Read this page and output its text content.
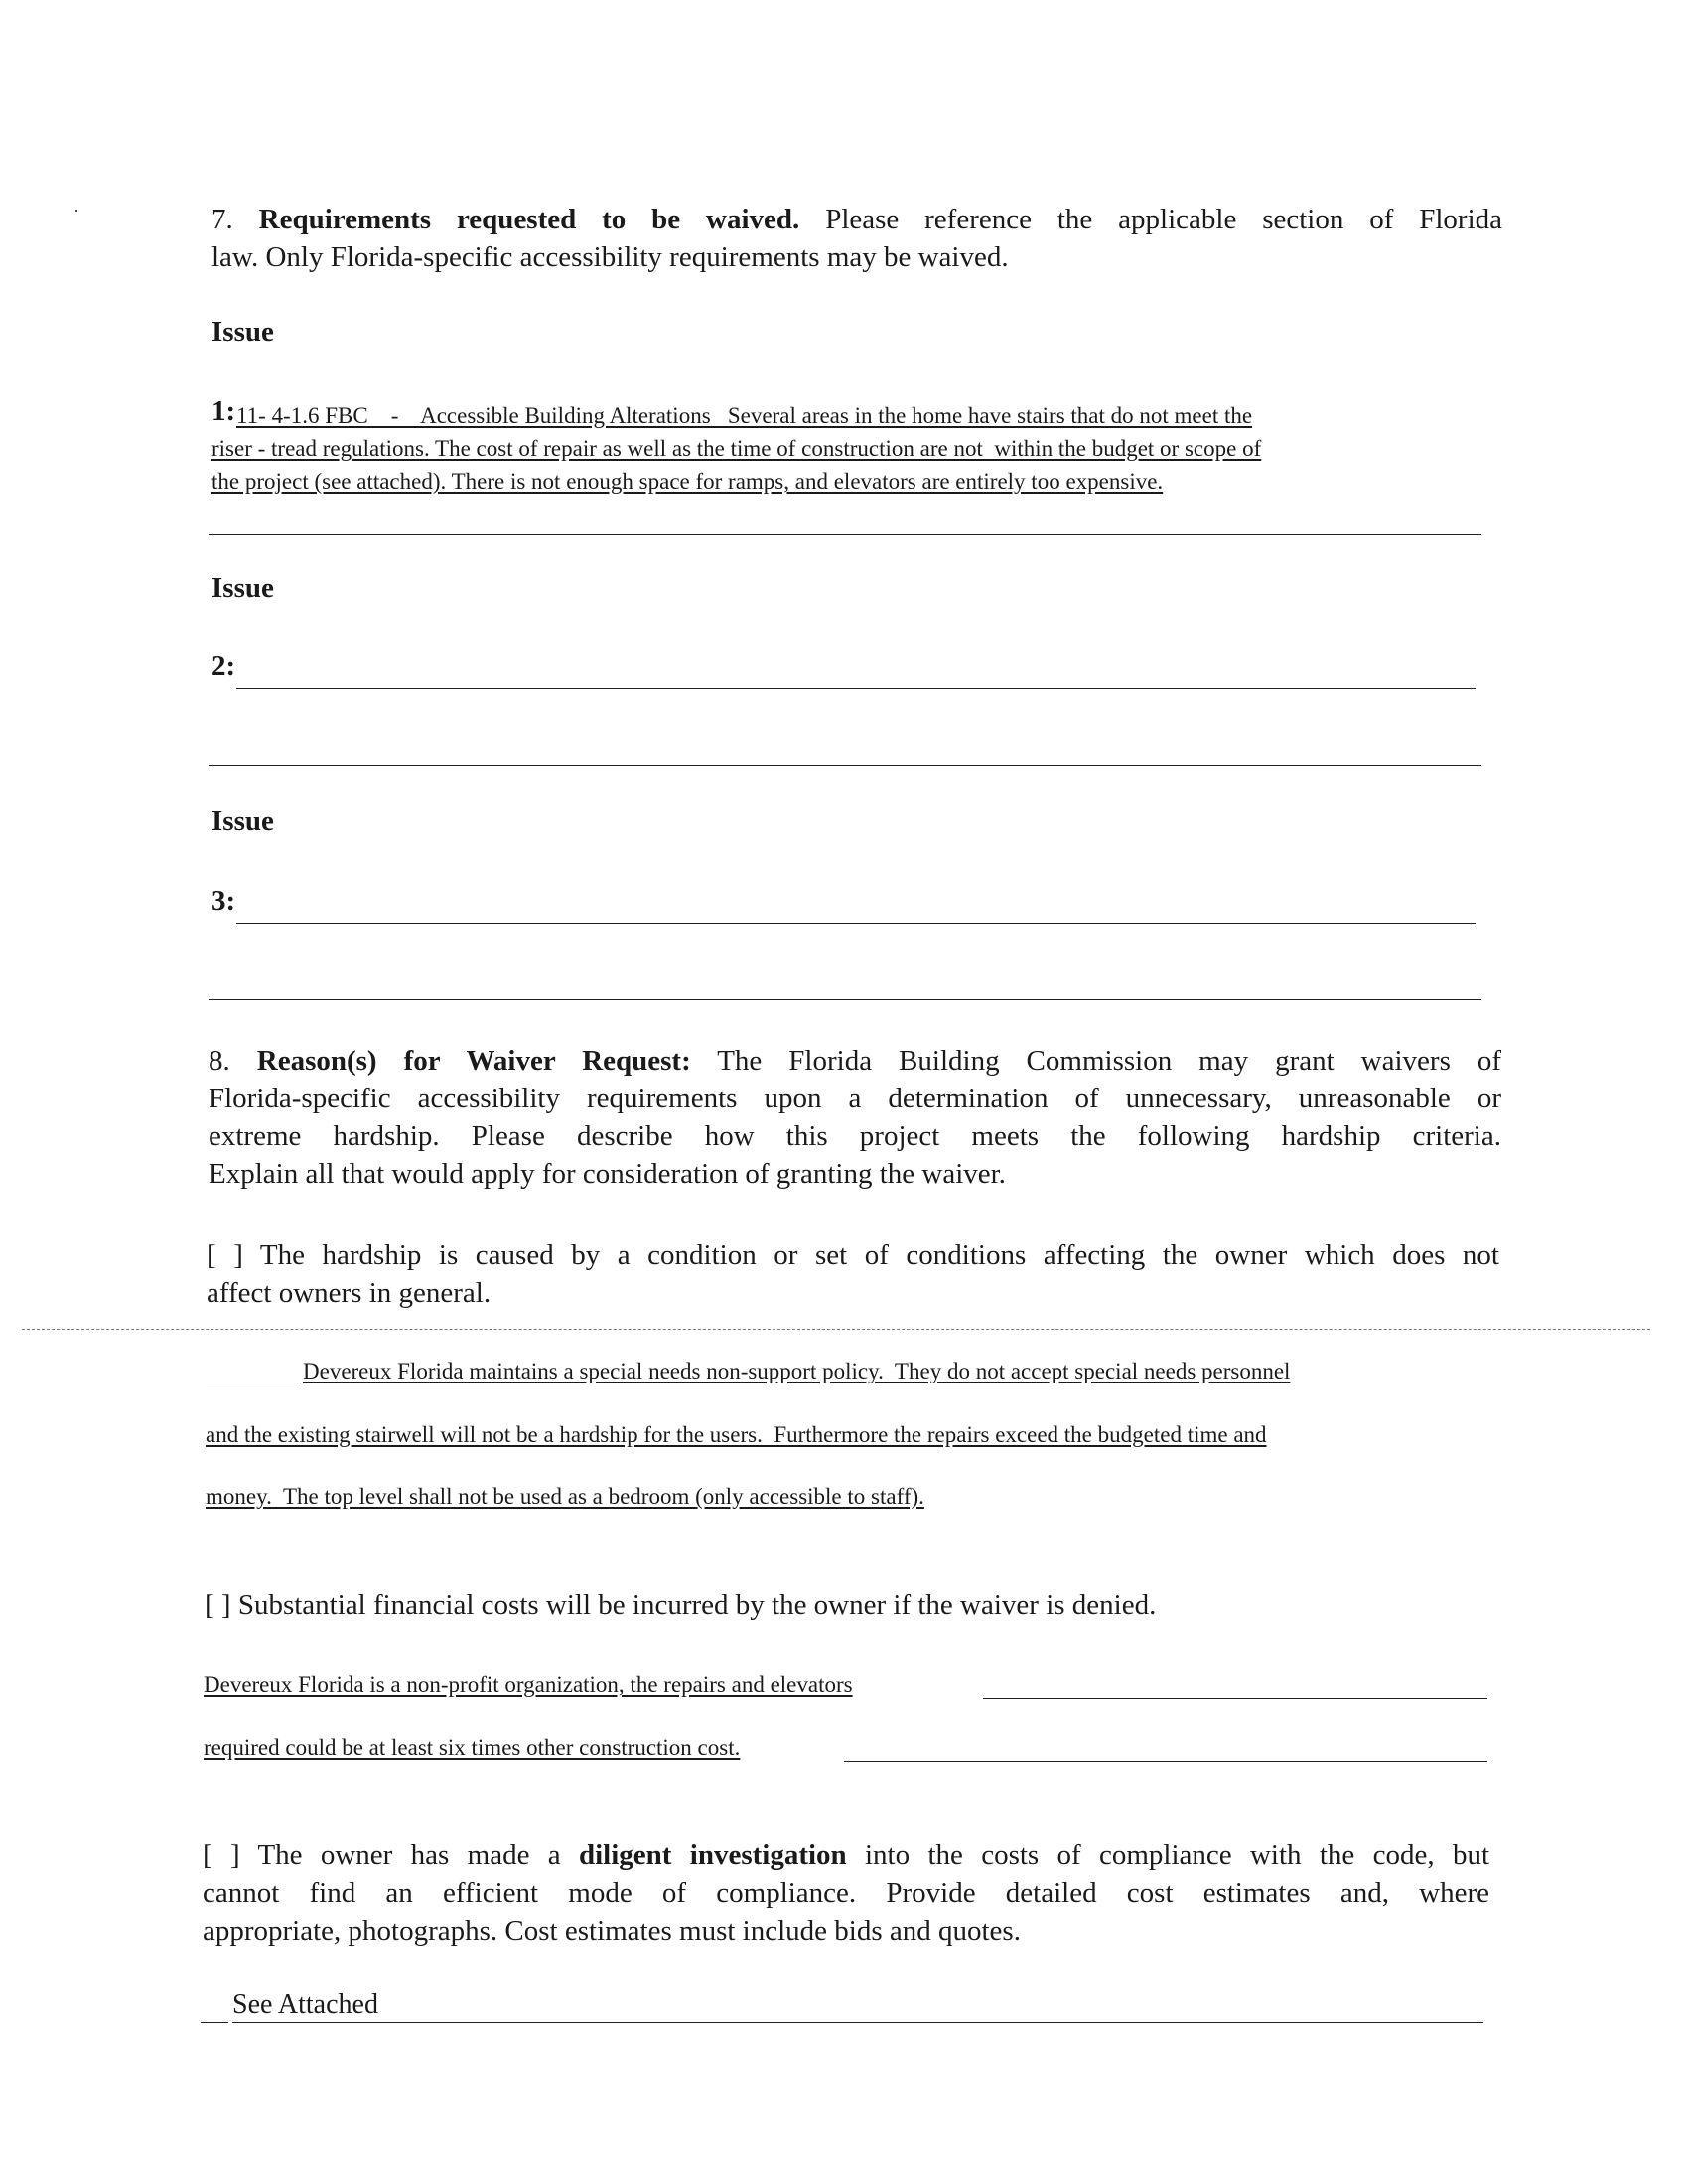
7. Requirements requested to be waived. Please reference the applicable section of Florida
law. Only Florida-specific accessibility requirements may be waived.
Issue
1: 11- 4-1.6 FBC    -    Accessible Building Alterations   Several areas in the home have stairs that do not meet the
riser - tread regulations. The cost of repair as well as the time of construction are not  within the budget or scope of
the project (see attached). There is not enough space for ramps, and elevators are entirely too expensive.
Issue
2:
Issue
3:
8. Reason(s) for Waiver Request: The Florida Building Commission may grant waivers of
Florida-specific accessibility requirements upon a determination of unnecessary, unreasonable or
extreme hardship. Please describe how this project meets the following hardship criteria.
Explain all that would apply for consideration of granting the waiver.
[ ] The hardship is caused by a condition or set of conditions affecting the owner which does not
affect owners in general.
Devereux Florida maintains a special needs non-support policy.  They do not accept special needs personnel
and the existing stairwell will not be a hardship for the users.  Furthermore the repairs exceed the budgeted time and
money.  The top level shall not be used as a bedroom (only accessible to staff).
[ ] Substantial financial costs will be incurred by the owner if the waiver is denied.
Devereux Florida is a non-profit organization, the repairs and elevators
required could be at least six times other construction cost.
[ ] The owner has made a diligent investigation into the costs of compliance with the code, but
cannot find an efficient mode of compliance. Provide detailed cost estimates and, where
appropriate, photographs. Cost estimates must include bids and quotes.
See Attached
